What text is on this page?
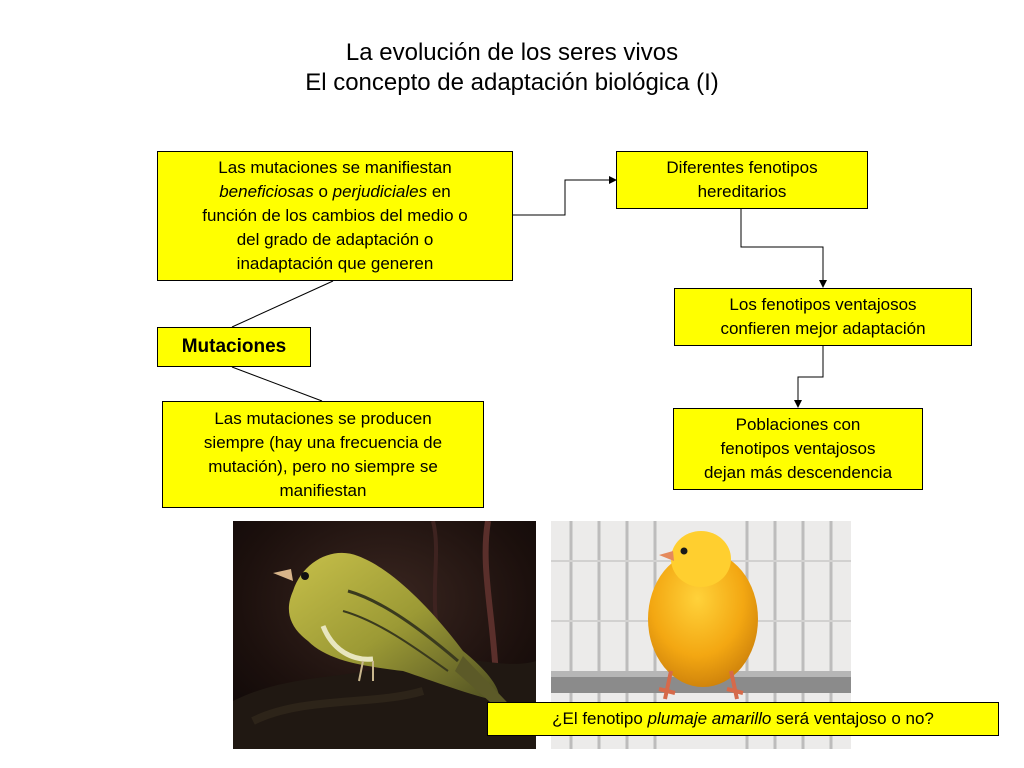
La evolución de los seres vivos
El concepto de adaptación biológica (I)
Las mutaciones se manifiestan
beneficiosas o perjudiciales en
función de los cambios del medio o
del grado de adaptación o
inadaptación que generen
Mutaciones
Las mutaciones se producen
siempre (hay una frecuencia de
mutación), pero no siempre se
manifiestan
Diferentes fenotipos
hereditarios
Los fenotipos ventajosos
confieren mejor adaptación
Poblaciones con
fenotipos ventajosos
dejan más descendencia
¿El fenotipo plumaje amarillo será ventajoso o no?
